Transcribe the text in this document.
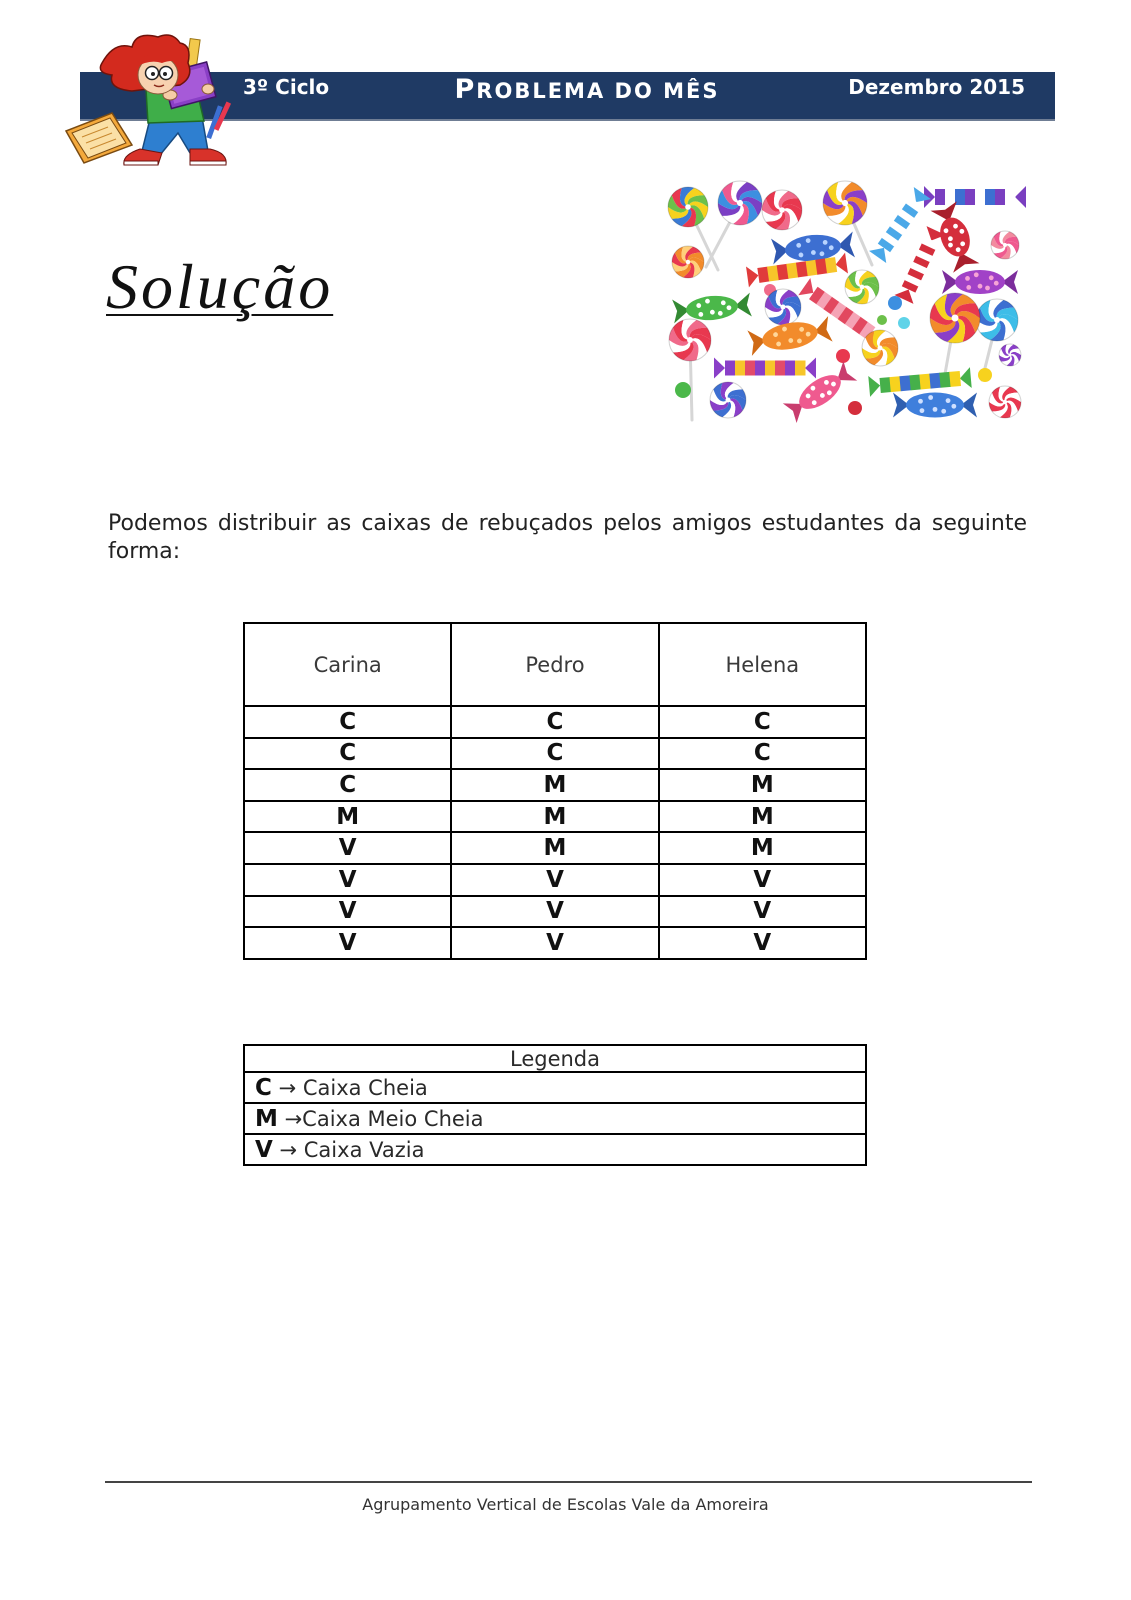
3º Ciclo	PROBLEMA DO MÊS	Dezembro 2015
Solução

Podemos distribuir as caixas de rebuçados pelos amigos estudantes da seguinte forma:

Carina	Pedro	Helena
C	C	C
C	C	C
C	M	M
M	M	M
V	M	M
V	V	V
V	V	V
V	V	V
Legenda
C → Caixa Cheia
M →Caixa Meio Cheia
V → Caixa Vazia
Agrupamento Vertical de Escolas Vale da Amoreira
